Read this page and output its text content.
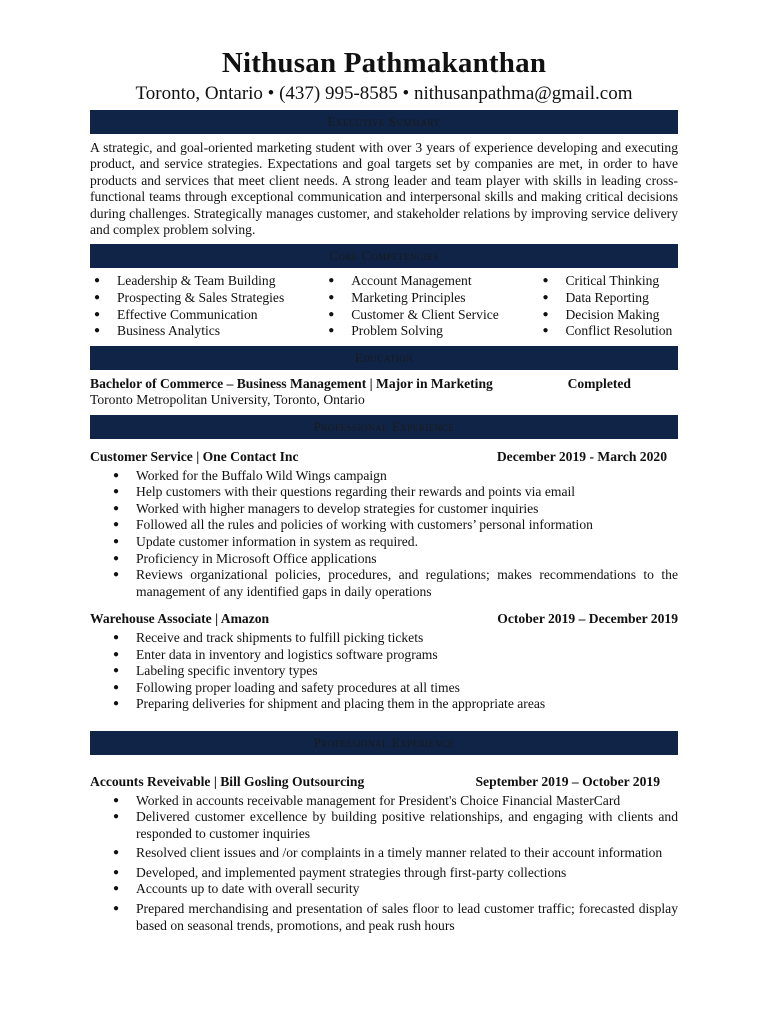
Nithusan Pathmakanthan
Toronto, Ontario • (437) 995-8585 • nithusanpathma@gmail.com
Executive Summary

A strategic, and goal-oriented marketing student with over 3 years of experience developing and executing product, and service strategies. Expectations and goal targets set by companies are met, in order to have products and services that meet client needs. A strong leader and team player with skills in leading cross-functional teams through exceptional communication and interpersonal skills and making critical decisions during challenges. Strategically manages customer, and stakeholder relations by improving service delivery and complex problem solving.

Core Competencies
● Leadership & Team Building
● Prospecting & Sales Strategies
● Effective Communication
● Business Analytics
● Account Management
● Marketing Principles
● Customer & Client Service
● Problem Solving
● Critical Thinking
● Data Reporting
● Decision Making
● Conflict Resolution
Education
Bachelor of Commerce – Business Management | Major in Marketing	Completed
Toronto Metropolitan University, Toronto, Ontario
Professional Experience
Customer Service | One Contact Inc	December 2019 - March 2020
● Worked for the Buffalo Wild Wings campaign
● Help customers with their questions regarding their rewards and points via email
● Worked with higher managers to develop strategies for customer inquiries
● Followed all the rules and policies of working with customers’ personal information
● Update customer information in system as required.
● Proficiency in Microsoft Office applications
● Reviews organizational policies, procedures, and regulations; makes recommendations to the management of any identified gaps in daily operations
Warehouse Associate | Amazon	October 2019 – December 2019
● Receive and track shipments to fulfill picking tickets
● Enter data in inventory and logistics software programs
● Labeling specific inventory types
● Following proper loading and safety procedures at all times
● Preparing deliveries for shipment and placing them in the appropriate areas
Professional Experience
Accounts Reveivable | Bill Gosling Outsourcing	September 2019 – October 2019
● Worked in accounts receivable management for President's Choice Financial MasterCard
● Delivered customer excellence by building positive relationships, and engaging with clients and responded to customer inquiries
● Resolved client issues and /or complaints in a timely manner related to their account information
● Developed, and implemented payment strategies through first-party collections
● Accounts up to date with overall security
● Prepared merchandising and presentation of sales floor to lead customer traffic; forecasted display based on seasonal trends, promotions, and peak rush hours
